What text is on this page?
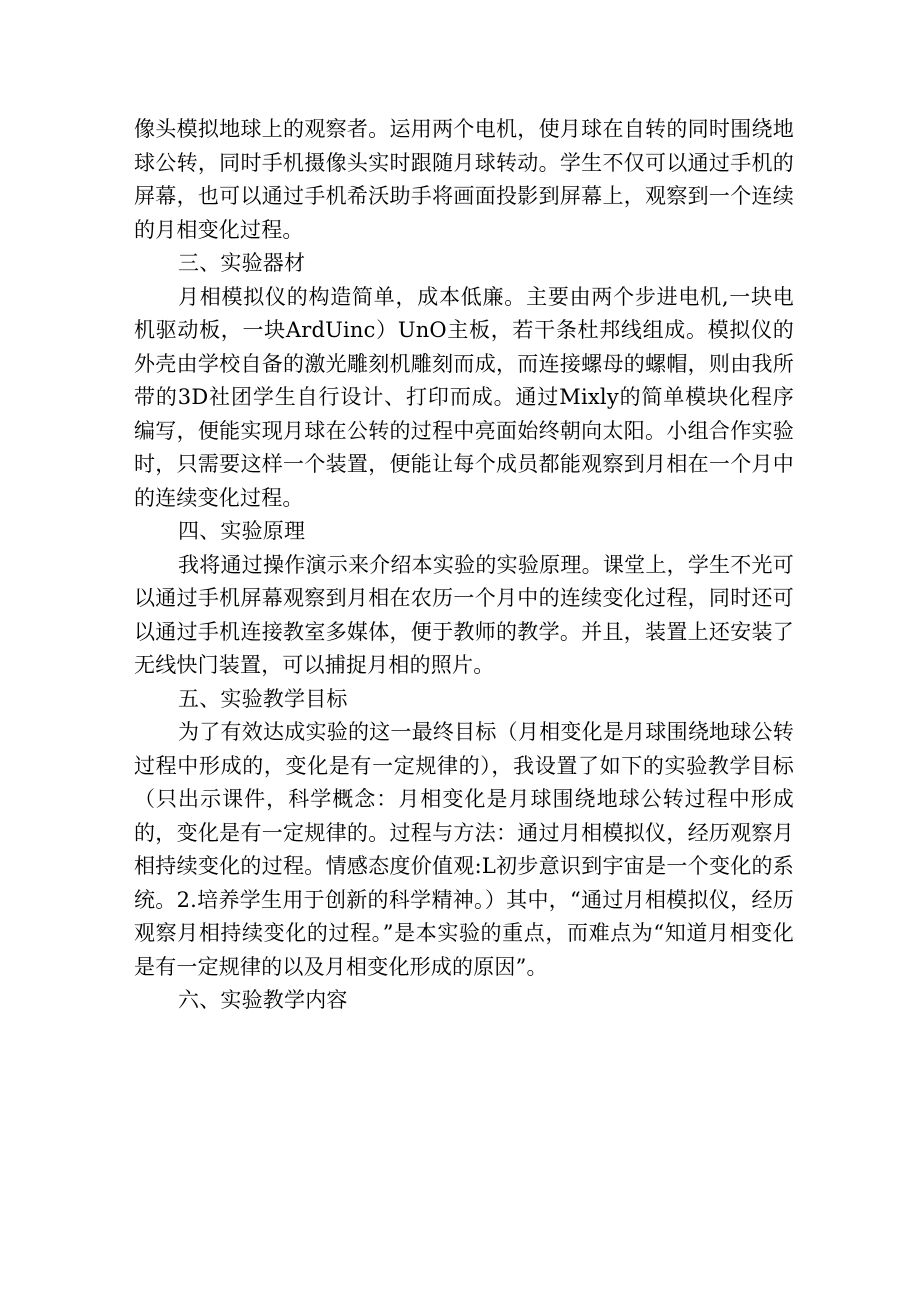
像头模拟地球上的观察者。运用两个电机，使月球在自转的同时围绕地球公转，同时手机摄像头实时跟随月球转动。学生不仅可以通过手机的屏幕，也可以通过手机希沃助手将画面投影到屏幕上，观察到一个连续的月相变化过程。

三、实验器材

月相模拟仪的构造简单，成本低廉。主要由两个步进电机,一块电机驱动板，一块ArdUinc）UnO主板，若干条杜邦线组成。模拟仪的外壳由学校自备的激光雕刻机雕刻而成，而连接螺母的螺帽，则由我所带的3D社团学生自行设计、打印而成。通过Mixly的简单模块化程序编写，便能实现月球在公转的过程中亮面始终朝向太阳。小组合作实验时，只需要这样一个装置，便能让每个成员都能观察到月相在一个月中的连续变化过程。

四、实验原理

我将通过操作演示来介绍本实验的实验原理。课堂上，学生不光可以通过手机屏幕观察到月相在农历一个月中的连续变化过程，同时还可以通过手机连接教室多媒体，便于教师的教学。并且，装置上还安装了无线快门装置，可以捕捉月相的照片。

五、实验教学目标

为了有效达成实验的这一最终目标（月相变化是月球围绕地球公转过程中形成的，变化是有一定规律的），我设置了如下的实验教学目标（只出示课件，科学概念：月相变化是月球围绕地球公转过程中形成的，变化是有一定规律的。过程与方法：通过月相模拟仪，经历观察月相持续变化的过程。情感态度价值观:L初步意识到宇宙是一个变化的系统。2.培养学生用于创新的科学精神。）其中，“通过月相模拟仪，经历观察月相持续变化的过程。”是本实验的重点，而难点为“知道月相变化是有一定规律的以及月相变化形成的原因”。

六、实验教学内容
